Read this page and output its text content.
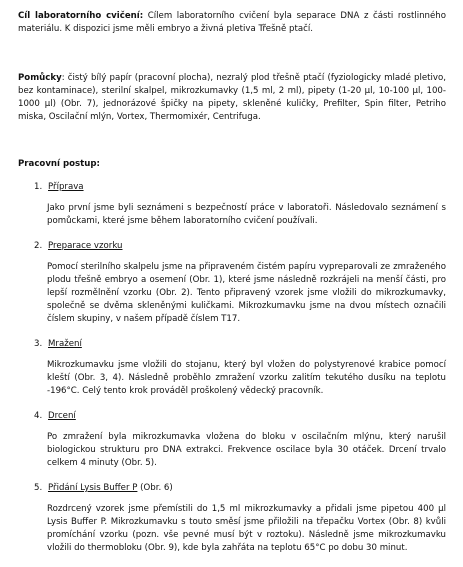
Cíl laboratorního cvičení: Cílem laboratorního cvičení byla separace DNA z části rostlinného materiálu. K dispozici jsme měli embryo a živná pletiva Třešně ptačí.

Pomůcky: čistý bílý papír (pracovní plocha), nezralý plod třešně ptačí (fyziologicky mladé pletivo, bez kontaminace), sterilní skalpel, mikrozkumavky (1,5 ml, 2 ml), pipety (1-20 µl, 10-100 µl, 100-1000 µl) (Obr. 7), jednorázové špičky na pipety, skleněné kuličky, Prefilter, Spin filter, Petriho miska, Oscilační mlýn, Vortex, Thermomixér, Centrifuga.

Pracovní postup:
1. Příprava

Jako první jsme byli seznámeni s bezpečností práce v laboratoři. Následovalo seznámení s pomůckami, které jsme během laboratorního cvičení používali.

2. Preparace vzorku

Pomocí sterilního skalpelu jsme na připraveném čistém papíru vypreparovali ze zmraženého plodu třešně embryo a osemení (Obr. 1), které jsme následně rozkrájeli na menší části, pro lepší rozmělnění vzorku (Obr. 2). Tento připravený vzorek jsme vložili do mikrozkumavky, společně se dvěma skleněnými kuličkami. Mikrozkumavku jsme na dvou místech označili číslem skupiny, v našem případě číslem T17.

3. Mražení

Mikrozkumavku jsme vložili do stojanu, který byl vložen do polystyrenové krabice pomocí kleští (Obr. 3, 4). Následně proběhlo zmražení vzorku zalitím tekutého dusíku na teplotu -196°C. Celý tento krok prováděl proškolený vědecký pracovník.

4. Drcení

Po zmražení byla mikrozkumavka vložena do bloku v oscilačním mlýnu, který narušil biologickou strukturu pro DNA extrakci. Frekvence oscilace byla 30 otáček. Drcení trvalo celkem 4 minuty (Obr. 5).

5. Přidání Lysis Buffer P (Obr. 6)

Rozdrcený vzorek jsme přemístili do 1,5 ml mikrozkumavky a přidali jsme pipetou 400 µl Lysis Buffer P. Mikrozkumavku s touto směsí jsme přiložili na třepačku Vortex (Obr. 8) kvůli promíchání vzorku (pozn. vše pevné musí být v roztoku). Následně jsme mikrozkumavku vložili do thermobloku (Obr. 9), kde byla zahřáta na teplotu 65°C po dobu 30 minut.
